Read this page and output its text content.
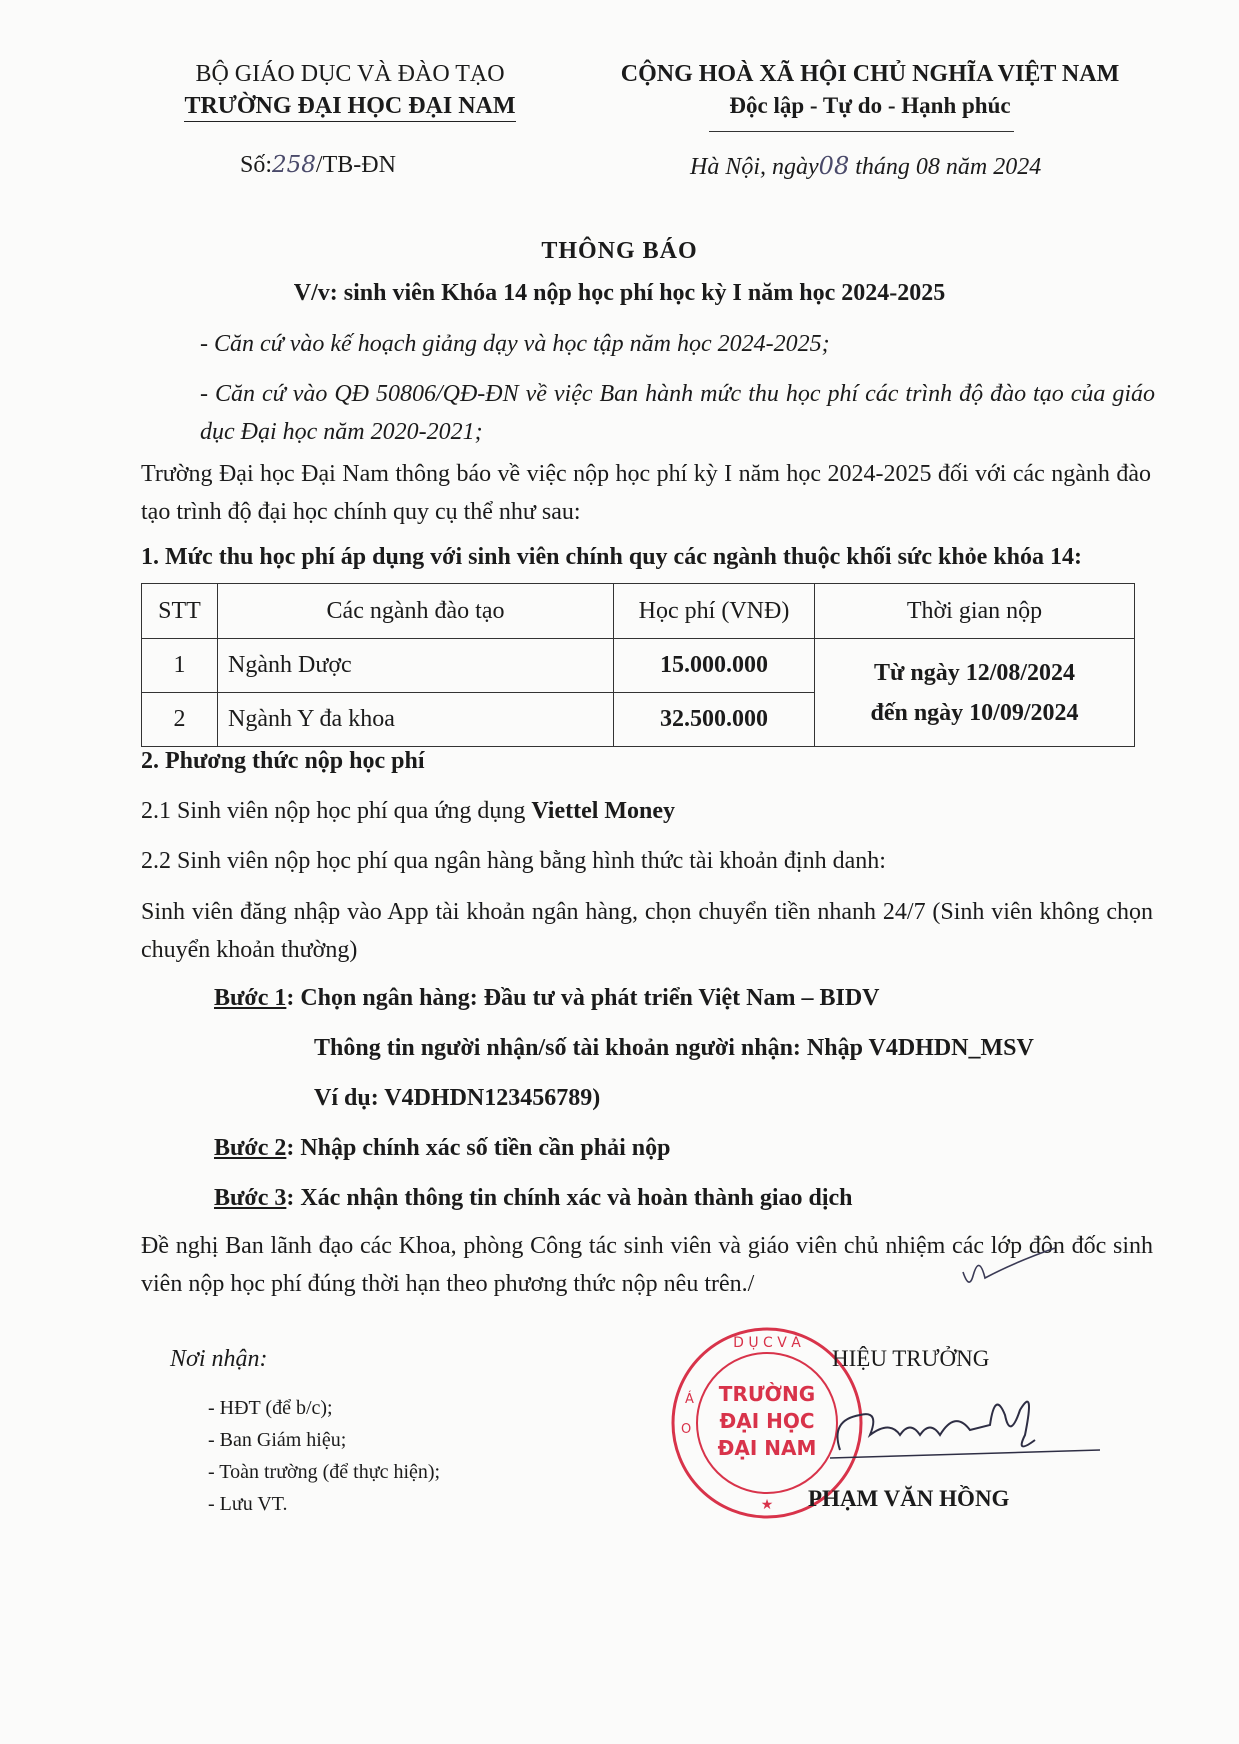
BỘ GIÁO DỤC VÀ ĐÀO TẠO
TRƯỜNG ĐẠI HỌC ĐẠI NAM
CỘNG HOÀ XÃ HỘI CHỦ NGHĨA VIỆT NAM
Độc lập - Tự do - Hạnh phúc
Số:258/TB-ĐN	Hà Nội, ngày08 tháng 08 năm 2024
THÔNG BÁO
V/v: sinh viên Khóa 14 nộp học phí học kỳ I năm học 2024-2025
- Căn cứ vào kế hoạch giảng dạy và học tập năm học 2024-2025;
- Căn cứ vào QĐ 50806/QĐ-ĐN về việc Ban hành mức thu học phí các trình độ đào tạo của giáo dục Đại học năm 2020-2021;
Trường Đại học Đại Nam thông báo về việc nộp học phí kỳ I năm học 2024-2025 đối với các ngành đào tạo trình độ đại học chính quy cụ thể như sau:
1. Mức thu học phí áp dụng với sinh viên chính quy các ngành thuộc khối sức khỏe khóa 14:
STT	Các ngành đào tạo	Học phí (VNĐ)	Thời gian nộp
1	Ngành Dược	15.000.000	Từ ngày 12/08/2024
đến ngày 10/09/2024

2	Ngành Y đa khoa	32.500.000	
2. Phương thức nộp học phí
2.1 Sinh viên nộp học phí qua ứng dụng Viettel Money
2.2 Sinh viên nộp học phí qua ngân hàng bằng hình thức tài khoản định danh:
Sinh viên đăng nhập vào App tài khoản ngân hàng, chọn chuyển tiền nhanh 24/7 (Sinh viên không chọn chuyển khoản thường)
Bước 1: Chọn ngân hàng: Đầu tư và phát triển Việt Nam – BIDV
Thông tin người nhận/số tài khoản người nhận: Nhập V4DHDN_MSV
Ví dụ: V4DHDN123456789)
Bước 2: Nhập chính xác số tiền cần phải nộp
Bước 3: Xác nhận thông tin chính xác và hoàn thành giao dịch
Đề nghị Ban lãnh đạo các Khoa, phòng Công tác sinh viên và giáo viên chủ nhiệm các lớp đôn đốc sinh viên nộp học phí đúng thời hạn theo phương thức nộp nêu trên./
Nơi nhận:
- HĐT (để b/c);
- Ban Giám hiệu;
- Toàn trường (để thực hiện);
- Lưu VT.
D Ụ C V À
O
Á
★
TRƯỜNG
ĐẠI HỌC
ĐẠI NAM
HIỆU TRƯỞNG
PHẠM VĂN HỒNG
